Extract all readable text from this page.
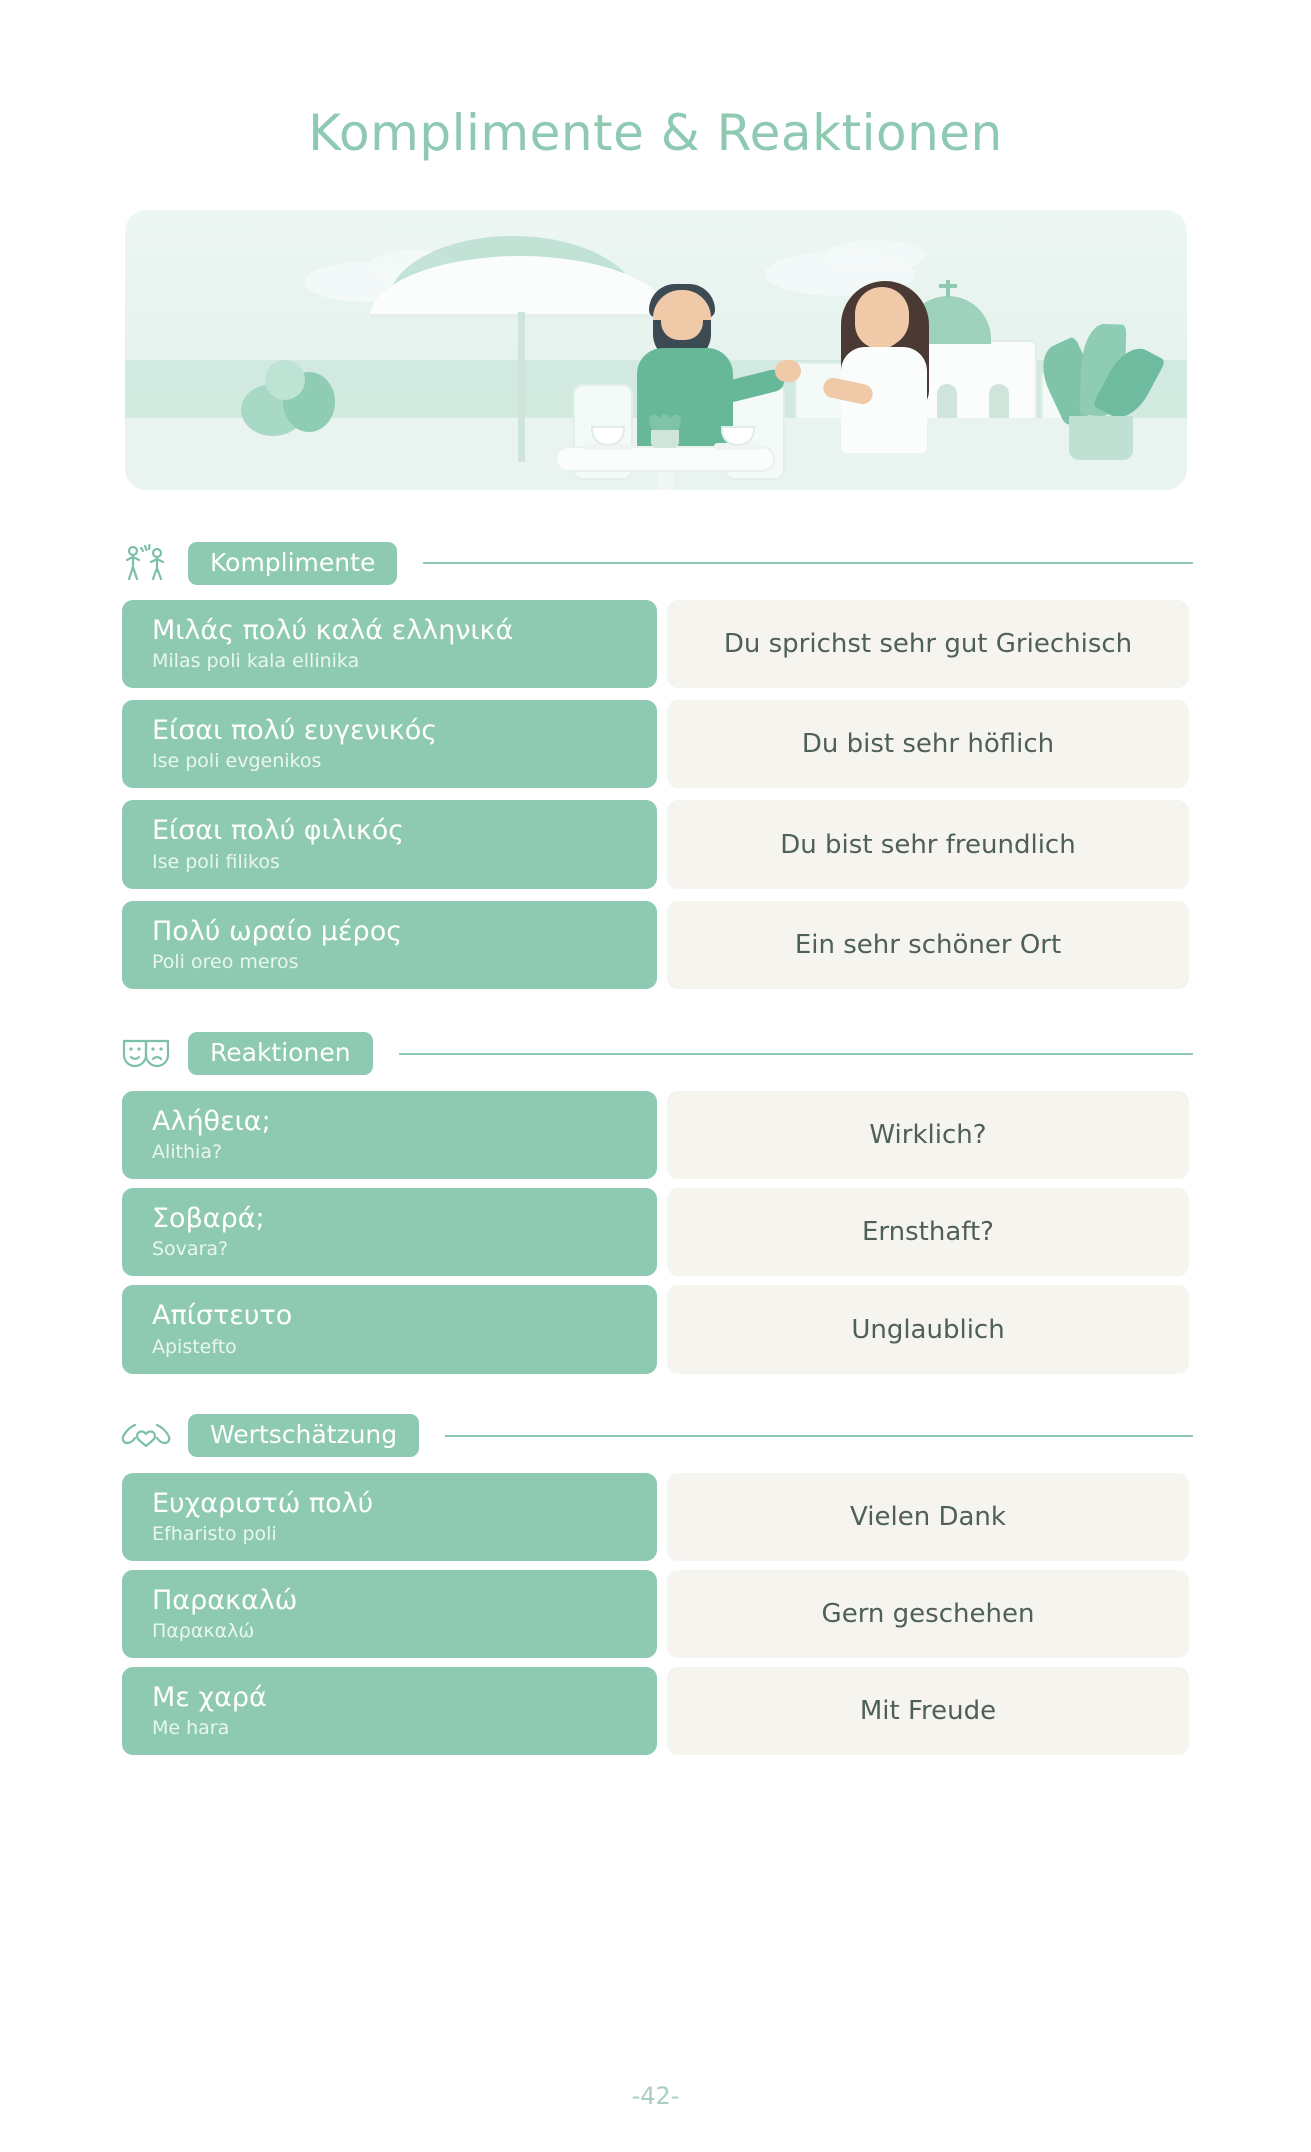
Komplimente & Reaktionen
Komplimente
Μιλάς πολύ καλά ελληνικά
Milas poli kala ellinika
Du sprichst sehr gut Griechisch
Είσαι πολύ ευγενικός
Ise poli evgenikos
Du bist sehr höflich
Είσαι πολύ φιλικός
Ise poli filikos
Du bist sehr freundlich
Πολύ ωραίο μέρος
Poli oreo meros
Ein sehr schöner Ort
Reaktionen
Αλήθεια;
Alithia?
Wirklich?
Σοβαρά;
Sovara?
Ernsthaft?
Απίστευτο
Apistefto
Unglaublich
Wertschätzung
Ευχαριστώ πολύ
Efharisto poli
Vielen Dank
Παρακαλώ
Παρακαλώ
Gern geschehen
Με χαρά
Me hara
Mit Freude
-42-
